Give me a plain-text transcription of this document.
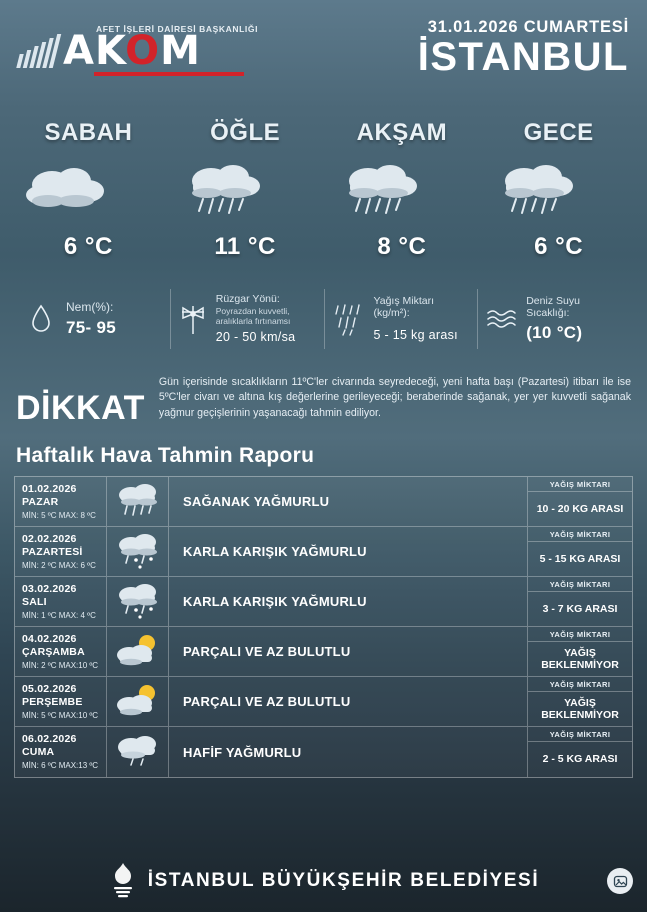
AFET İŞLERİ DAİRESİ BAŞKANLIĞI
AKOM
31.01.2026 CUMARTESİ
İSTANBUL
SABAH
6 °C
ÖĞLE
11 °C
AKŞAM
8 °C
GECE
6 °C
Nem(%):
75- 95
Rüzgar Yönü:
Poyrazdan kuvvetli, aralıklarla fırtınamsı
20 - 50 km/sa
Yağış Miktarı (kg/m²):
5 - 15 kg arası
Deniz Suyu Sıcaklığı:
(10 °C)
DİKKAT
Gün içerisinde sıcaklıkların 11ºC'ler civarında seyredeceği, yeni hafta başı (Pazartesi) itibarı ile ise 5ºC'ler civarı ve altına kış değerlerine gerileyeceği; beraberinde sağanak, yer yer kuvvetli sağanak yağmur geçişlerinin yaşanacağı tahmin ediliyor.
Haftalık Hava Tahmin Raporu
01.02.2026
PAZAR
MİN: 5 ºC MAX: 8 ºC
SAĞANAK YAĞMURLU
YAĞIŞ MİKTARI
10 - 20 KG ARASI
02.02.2026
PAZARTESİ
MİN: 2 ºC MAX: 6 ºC
KARLA KARIŞIK YAĞMURLU
YAĞIŞ MİKTARI
5 - 15 KG ARASI
03.02.2026
SALI
MİN: 1 ºC MAX: 4 ºC
KARLA KARIŞIK YAĞMURLU
YAĞIŞ MİKTARI
3 - 7 KG ARASI
04.02.2026
ÇARŞAMBA
MİN: 2 ºC MAX:10 ºC
PARÇALI VE AZ BULUTLU
YAĞIŞ MİKTARI
YAĞIŞ BEKLENMİYOR
05.02.2026
PERŞEMBE
MİN: 5 ºC MAX:10 ºC
PARÇALI VE AZ BULUTLU
YAĞIŞ MİKTARI
YAĞIŞ BEKLENMİYOR
06.02.2026
CUMA
MİN: 6 ºC MAX:13 ºC
HAFİF YAĞMURLU
YAĞIŞ MİKTARI
2 - 5 KG ARASI
İSTANBUL BÜYÜKŞEHİR BELEDİYESİ
